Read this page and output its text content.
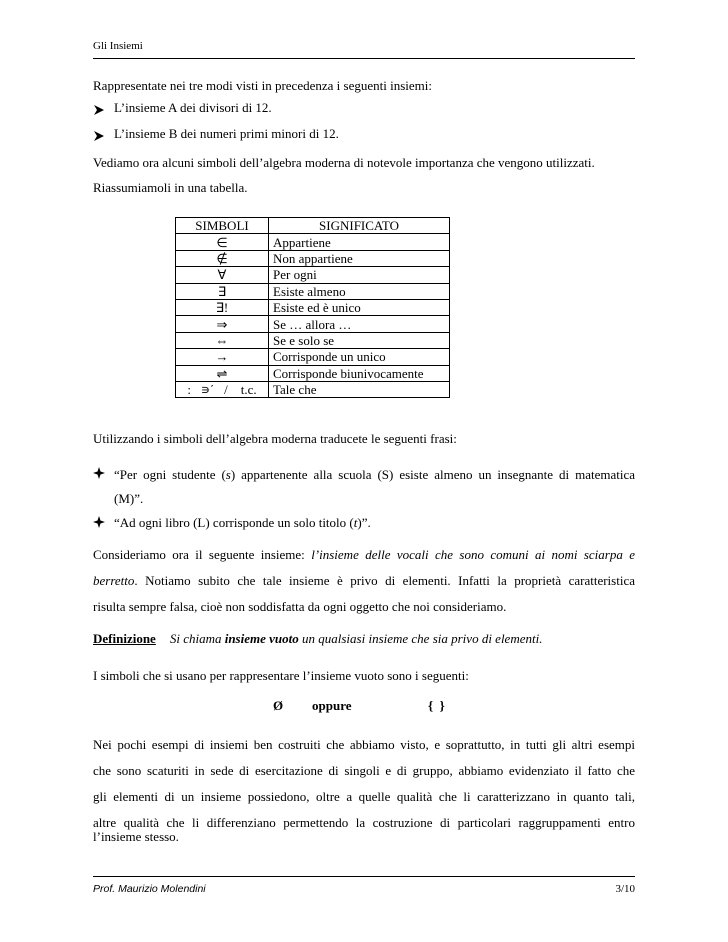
Gli Insiemi
Rappresentate nei tre modi visti in precedenza i seguenti insiemi:
L’insieme A dei divisori di 12.
L’insieme B dei numeri primi minori di 12.
Vediamo ora alcuni simboli dell’algebra moderna di notevole importanza che vengono utilizzati.
Riassumiamoli in una tabella.
SIMBOLI	SIGNIFICATO
∈	Appartiene
∉	Non appartiene
∀	Per ogni
∃	Esiste almeno
∃!	Esiste ed è unico
⇒	Se … allora …
⇔	Se e solo se
→	Corrisponde un unico
⇌	Corrisponde biunivocamente
:   ∍΄   /    t.c.	Tale che
Utilizzando i simboli dell’algebra moderna traducete le seguenti frasi:
“Per ogni studente (s) appartenente alla scuola (S) esiste almeno un insegnante di matematica
(M)”.
“Ad ogni libro (L) corrisponde un solo titolo (t)”.
Consideriamo ora il seguente insieme: l’insieme delle vocali che sono comuni ai nomi sciarpa e
berretto. Notiamo subito che tale insieme è privo di elementi. Infatti la proprietà caratteristica
risulta sempre falsa, cioè non soddisfatta da ogni oggetto che noi consideriamo.
Definizione Si chiama insieme vuoto un qualsiasi insieme che sia privo di elementi.
I simboli che si usano per rappresentare l’insieme vuoto sono i seguenti:
Ø oppure	{  }
Nei pochi esempi di insiemi ben costruiti che abbiamo visto, e soprattutto, in tutti gli altri esempi
che sono scaturiti in sede di esercitazione di singoli e di gruppo, abbiamo evidenziato il fatto che
gli elementi di un insieme possiedono, oltre a quelle qualità che li caratterizzano in quanto tali,
altre qualità che li differenziano permettendo la costruzione di particolari raggruppamenti entro
l’insieme stesso.
Prof. Maurizio Molendini	3/10
